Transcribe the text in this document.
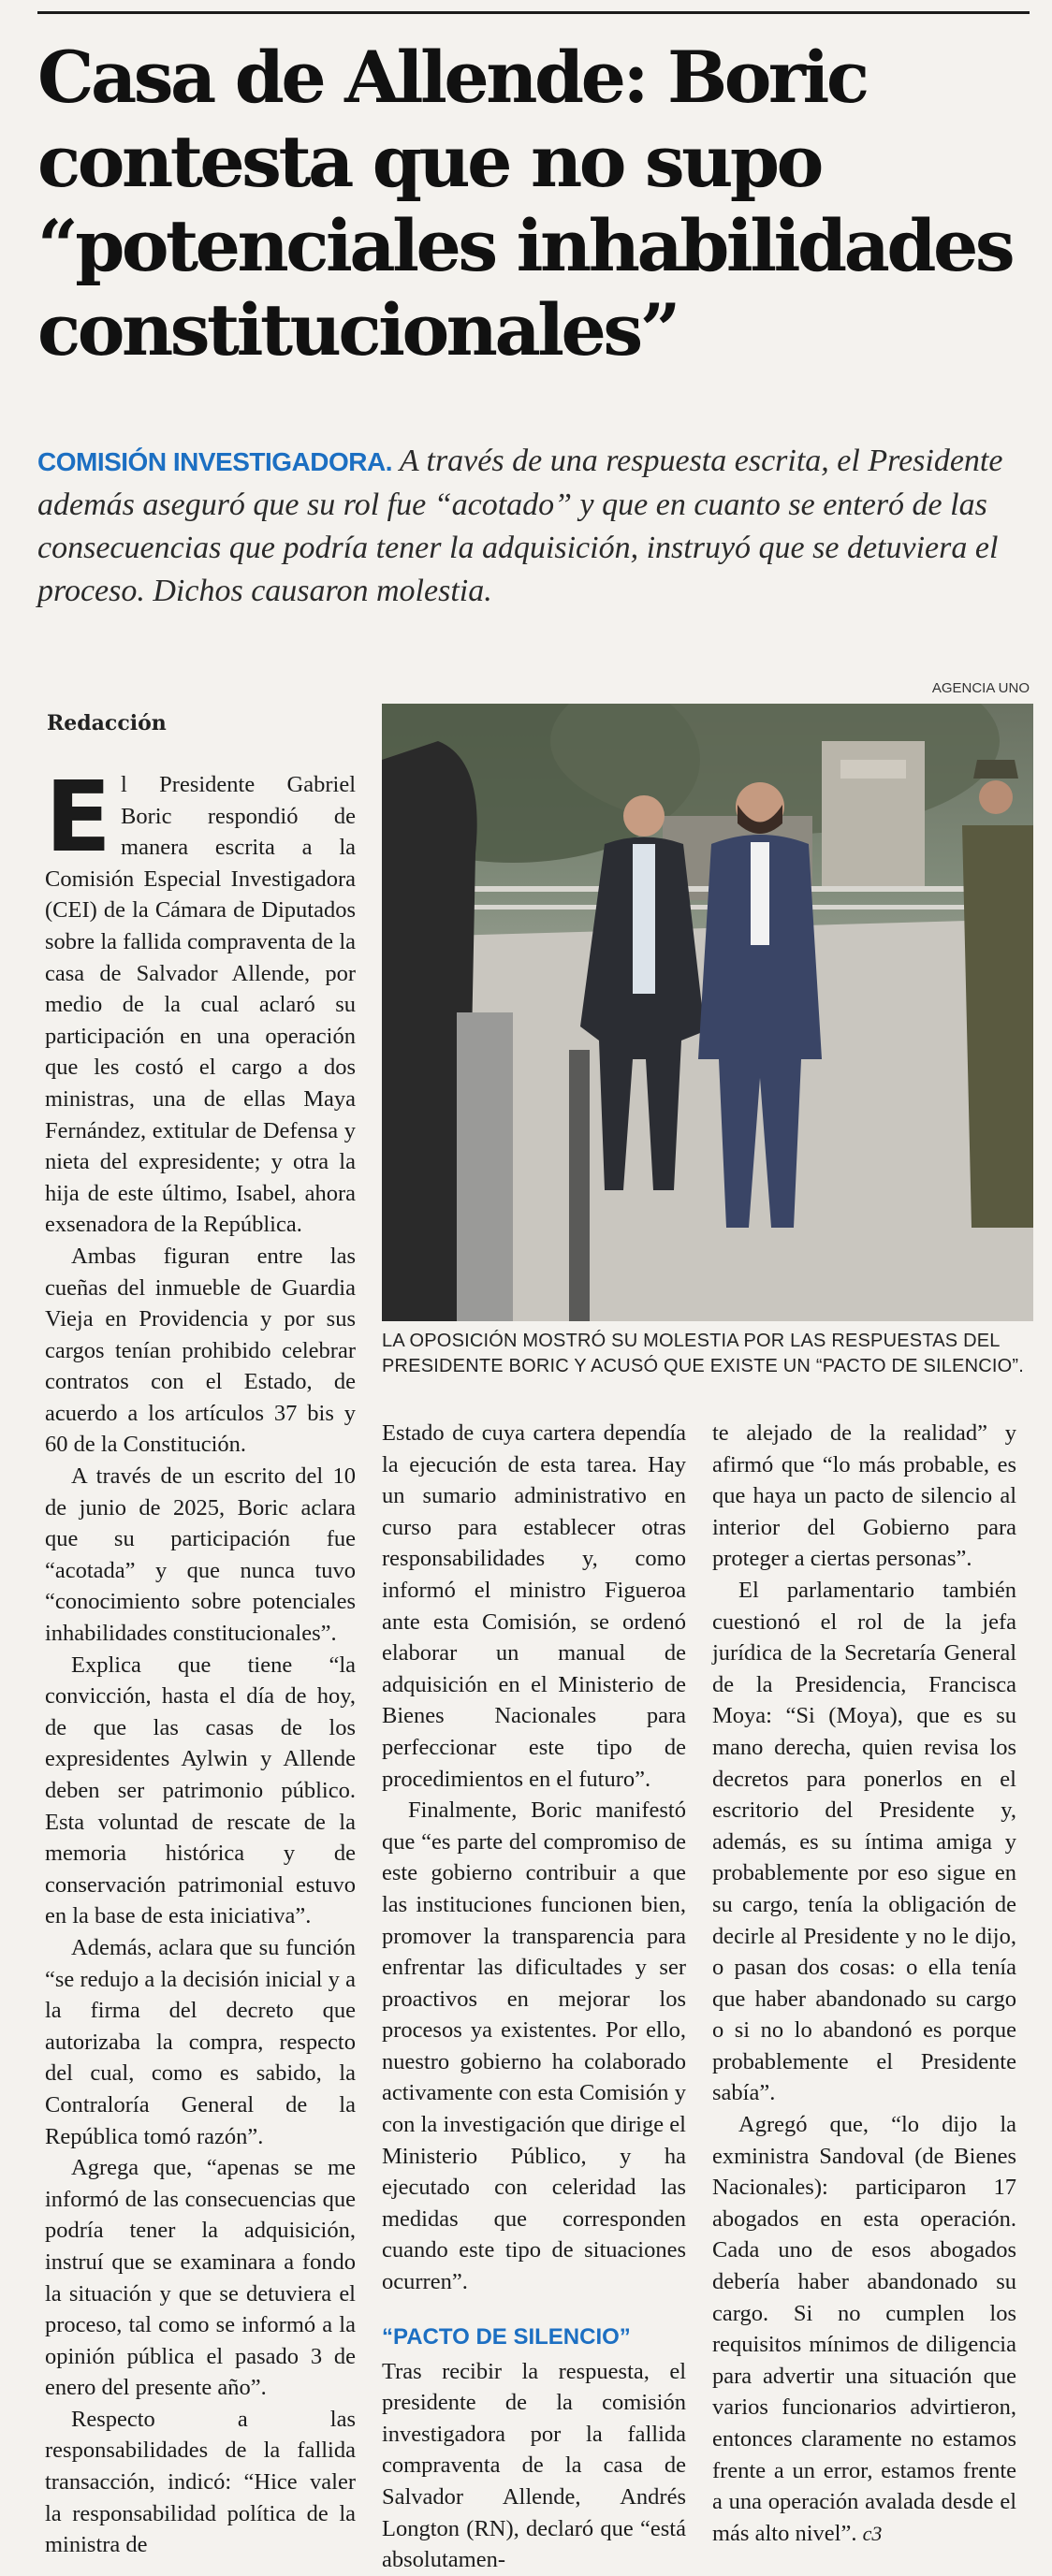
Casa de Allende: Boric contesta que no supo “potenciales inhabilidades constitucionales”

COMISIÓN INVESTIGADORA. A través de una respuesta escrita, el Presidente además aseguró que su rol fue “acotado” y que en cuanto se enteró de las consecuencias que podría tener la adquisición, instruyó que se detuviera el proceso. Dichos causaron molestia.

AGENCIA UNO
Redacción
LA OPOSICIÓN MOSTRÓ SU MOLESTIA POR LAS RESPUESTAS DEL PRESIDENTE BORIC Y ACUSÓ QUE EXISTE UN “PACTO DE SILENCIO”.

El Presidente Gabriel Boric respondió de manera escrita a la Comisión Especial Investigadora (CEI) de la Cámara de Diputados sobre la fallida compraventa de la casa de Salvador Allende, por medio de la cual aclaró su participación en una operación que les costó el cargo a dos ministras, una de ellas Maya Fernández, extitular de Defensa y nieta del expresidente; y otra la hija de este último, Isabel, ahora exsenadora de la República.

Ambas figuran entre las cueñas del inmueble de Guardia Vieja en Providencia y por sus cargos tenían prohibido celebrar contratos con el Estado, de acuerdo a los artículos 37 bis y 60 de la Constitución.

A través de un escrito del 10 de junio de 2025, Boric aclara que su participación fue “acotada” y que nunca tuvo “conocimiento sobre potenciales inhabilidades constitucionales”.

Explica que tiene “la convicción, hasta el día de hoy, de que las casas de los expresidentes Aylwin y Allende deben ser patrimonio público. Esta voluntad de rescate de la memoria histórica y de conservación patrimonial estuvo en la base de esta iniciativa”.

Además, aclara que su función “se redujo a la decisión inicial y a la firma del decreto que autorizaba la compra, respecto del cual, como es sabido, la Contraloría General de la República tomó razón”.

Agrega que, “apenas se me informó de las consecuencias que podría tener la adquisición, instruí que se examinara a fondo la situación y que se detuviera el proceso, tal como se informó a la opinión pública el pasado 3 de enero del presente año”.

Respecto a las responsabilidades de la fallida transacción, indicó: “Hice valer la responsabilidad política de la ministra de

Estado de cuya cartera dependía la ejecución de esta tarea. Hay un sumario administrativo en curso para establecer otras responsabilidades y, como informó el ministro Figueroa ante esta Comisión, se ordenó elaborar un manual de adquisición en el Ministerio de Bienes Nacionales para perfeccionar este tipo de procedimientos en el futuro”.

Finalmente, Boric manifestó que “es parte del compromiso de este gobierno contribuir a que las instituciones funcionen bien, promover la transparencia para enfrentar las dificultades y ser proactivos en mejorar los procesos ya existentes. Por ello, nuestro gobierno ha colaborado activamente con esta Comisión y con la investigación que dirige el Ministerio Público, y ha ejecutado con celeridad las medidas que corresponden cuando este tipo de situaciones ocurren”.

“PACTO DE SILENCIO”

Tras recibir la respuesta, el presidente de la comisión investigadora por la fallida compraventa de la casa de Salvador Allende, Andrés Longton (RN), declaró que “está absolutamen-

te alejado de la realidad” y afirmó que “lo más probable, es que haya un pacto de silencio al interior del Gobierno para proteger a ciertas personas”.

El parlamentario también cuestionó el rol de la jefa jurídica de la Secretaría General de la Presidencia, Francisca Moya: “Si (Moya), que es su mano derecha, quien revisa los decretos para ponerlos en el escritorio del Presidente y, además, es su íntima amiga y probablemente por eso sigue en su cargo, tenía la obligación de decirle al Presidente y no le dijo, o pasan dos cosas: o ella tenía que haber abandonado su cargo o si no lo abandonó es porque probablemente el Presidente sabía”.

Agregó que, “lo dijo la exministra Sandoval (de Bienes Nacionales): participaron 17 abogados en esta operación. Cada uno de esos abogados debería haber abandonado su cargo. Si no cumplen los requisitos mínimos de diligencia para advertir una situación que varios funcionarios advirtieron, entonces claramente no estamos frente a un error, estamos frente a una operación avalada desde el más alto nivel”. c3
